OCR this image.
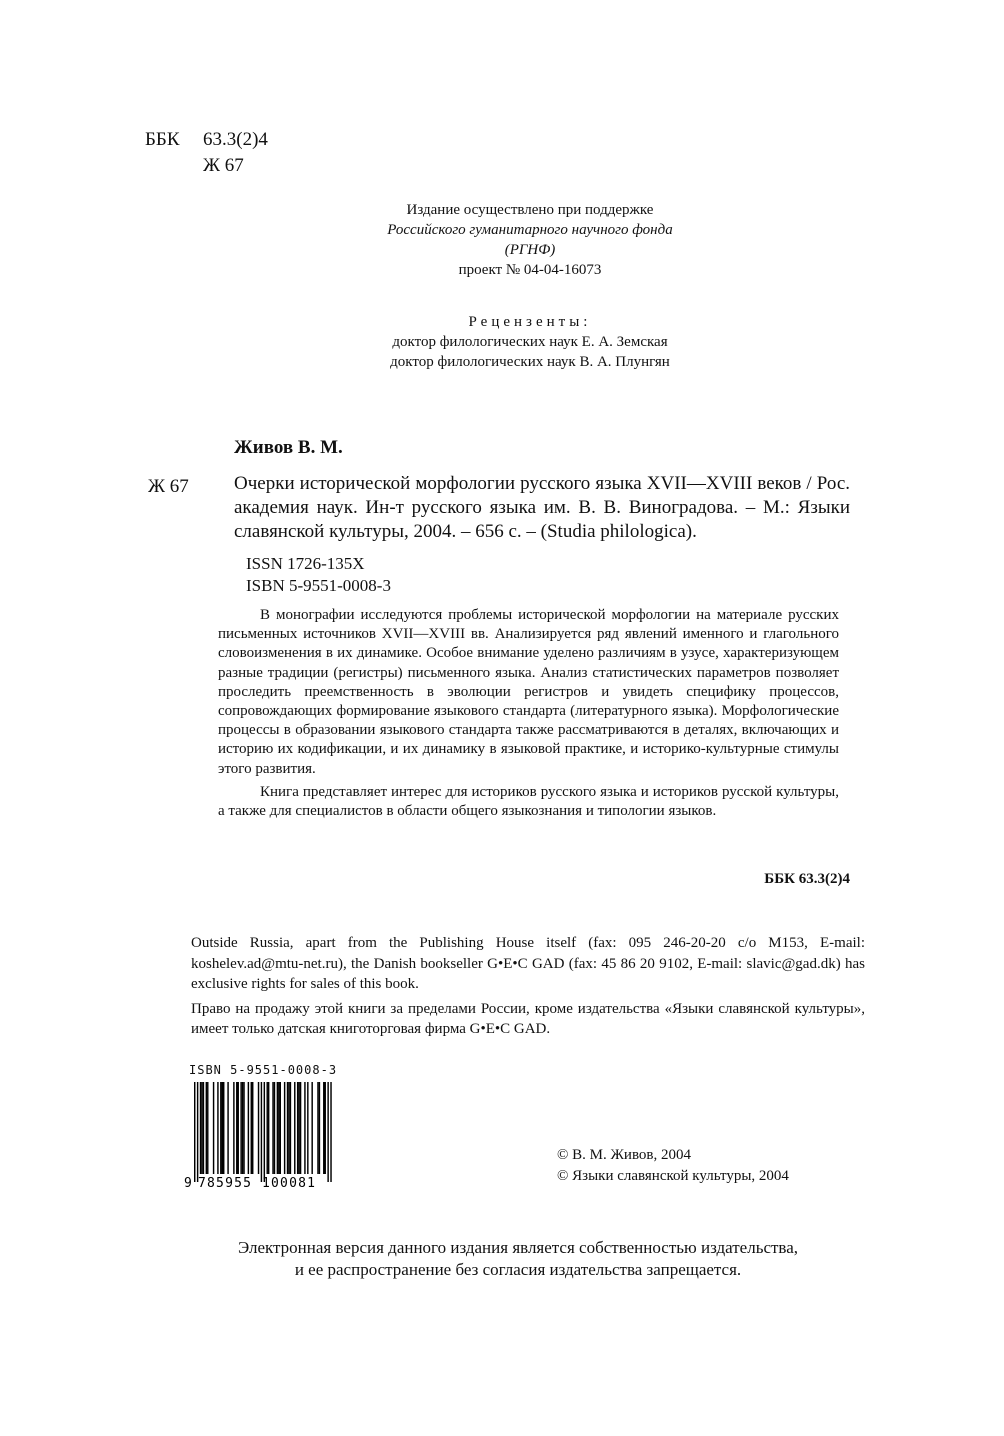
ББК	63.3(2)4
Ж 67
Издание осуществлено при поддержке
Российского гуманитарного научного фонда
(РГНФ)
проект № 04-04-16073
Рецензенты:
доктор филологических наук Е. А. Земская
доктор филологических наук В. А. Плунгян
Живов В. М.
Ж 67 Очерки исторической морфологии русского языка XVII—XVIII веков / Рос. академия наук. Ин-т русского языка им. В. В. Виноградова. – М.: Языки славянской культуры, 2004. – 656 с. – (Studia philologica).

ISSN 1726-135X
ISBN 5-9551-0008-3

В монографии исследуются проблемы исторической морфологии на материале русских письменных источников XVII—XVIII вв. Анализируется ряд явлений именного и глагольного словоизменения в их динамике. Особое внимание уделено различиям в узусе, характеризующем разные традиции (регистры) письменного языка. Анализ статистических параметров позволяет проследить преемственность в эволюции регистров и увидеть специфику процессов, сопровождающих формирование языкового стандарта (литературного языка). Морфологические процессы в образовании языкового стандарта также рассматриваются в деталях, включающих и историю их кодификации, и их динамику в языковой практике, и историко-культурные стимулы этого развития.

Книга представляет интерес для историков русского языка и историков русской культуры, а также для специалистов в области общего языкознания и типологии языков.

ББК 63.3(2)4

Outside Russia, apart from the Publishing House itself (fax: 095 246-20-20 c/o M153, E-mail: koshelev.ad@mtu-net.ru), the Danish bookseller G•E•C GAD (fax: 45 86 20 9102, E-mail: slavic@gad.dk) has exclusive rights for sales of this book.

Право на продажу этой книги за пределами России, кроме издательства «Языки славянской культуры», имеет только датская книготорговая фирма G•E•C GAD.

ISBN 5-9551-0008-3
9 785955 100081
© В. М. Живов, 2004
© Языки славянской культуры, 2004
Электронная версия данного издания является собственностью издательства,
и ее распространение без согласия издательства запрещается.
